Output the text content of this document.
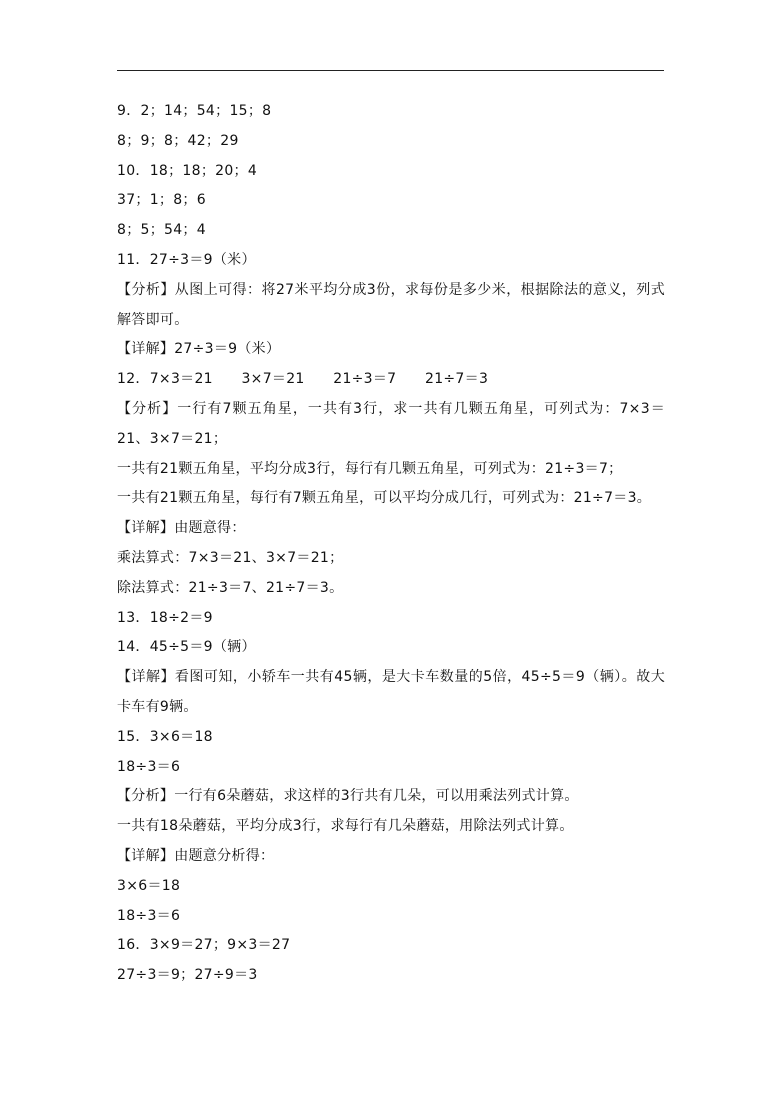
9．2；14；54；15；8
8；9；8；42；29
10．18；18；20；4
37；1；8；6
8；5；54；4
11．27÷3＝9（米）
【分析】从图上可得：将27米平均分成3份，求每份是多少米，根据除法的意义，列式解答即可。
【详解】27÷3＝9（米）
12．7×3＝21　　3×7＝21　　21÷3＝7　　21÷7＝3
【分析】一行有7颗五角星，一共有3行，求一共有几颗五角星，可列式为：7×3＝21、3×7＝21；
一共有21颗五角星，平均分成3行，每行有几颗五角星，可列式为：21÷3＝7；
一共有21颗五角星，每行有7颗五角星，可以平均分成几行，可列式为：21÷7＝3。
【详解】由题意得：
乘法算式：7×3＝21、3×7＝21；
除法算式：21÷3＝7、21÷7＝3。
13．18÷2＝9
14．45÷5＝9（辆）
【详解】看图可知，小轿车一共有45辆，是大卡车数量的5倍，45÷5＝9（辆）。故大卡车有9辆。
15．3×6＝18
18÷3＝6
【分析】一行有6朵蘑菇，求这样的3行共有几朵，可以用乘法列式计算。
一共有18朵蘑菇，平均分成3行，求每行有几朵蘑菇，用除法列式计算。
【详解】由题意分析得：
3×6＝18
18÷3＝6
16．3×9＝27；9×3＝27
27÷3＝9；27÷9＝3
